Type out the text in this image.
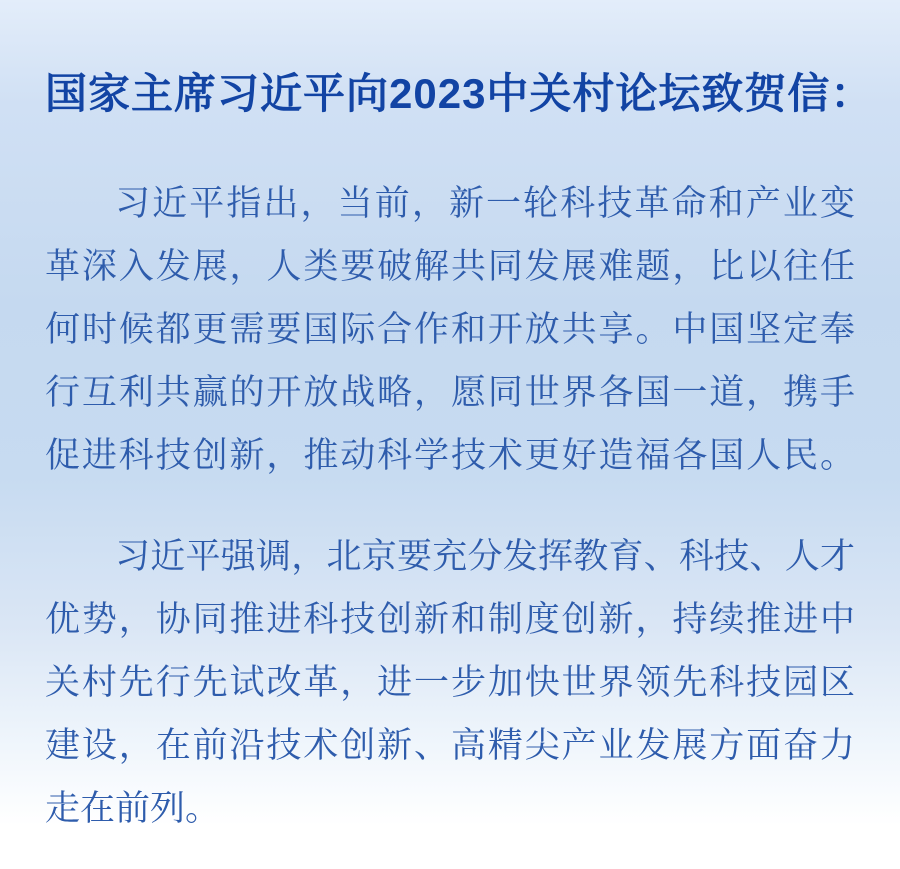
国家主席习近平向2023中关村论坛致贺信：
习近平指出，当前，新一轮科技革命和产业变
革深入发展，人类要破解共同发展难题，比以往任
何时候都更需要国际合作和开放共享。中国坚定奉
行互利共赢的开放战略，愿同世界各国一道，携手
促进科技创新，推动科学技术更好造福各国人民。
习近平强调，北京要充分发挥教育、科技、人才
优势，协同推进科技创新和制度创新，持续推进中
关村先行先试改革，进一步加快世界领先科技园区
建设，在前沿技术创新、高精尖产业发展方面奋力
走在前列。
